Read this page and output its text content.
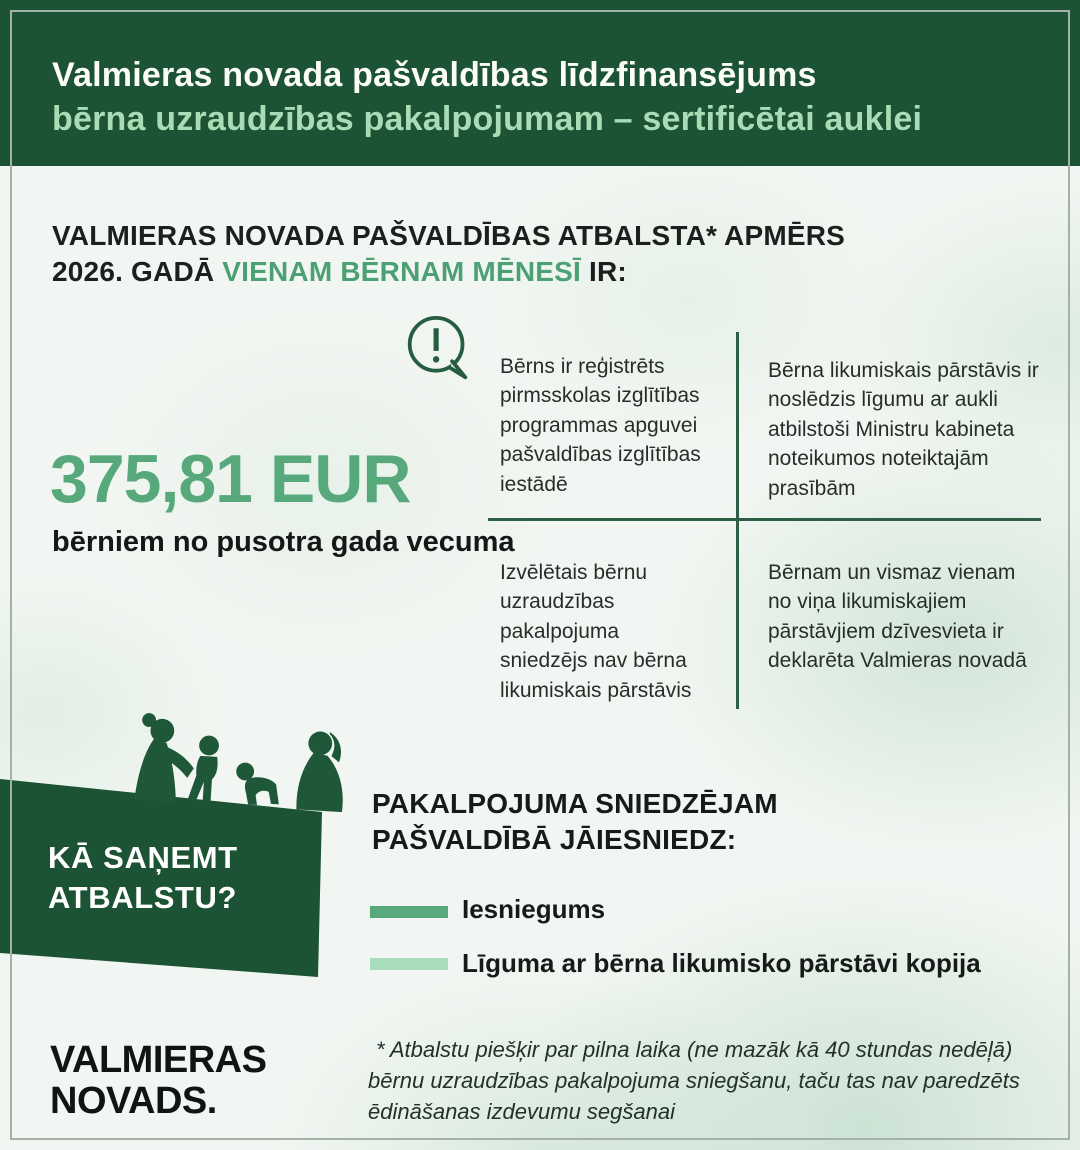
Valmieras novada pašvaldības līdzfinansējums
bērna uzraudzības pakalpojumam – sertificētai auklei
VALMIERAS NOVADA PAŠVALDĪBAS ATBALSTA* APMĒRS
2026. GADĀ VIENAM BĒRNAM MĒNESĪ IR:
375,81 EUR
bērniem no pusotra gada vecuma
Bērns ir reģistrēts pirmsskolas izglītības programmas apguvei pašvaldības izglītības iestādē
Bērna likumiskais pārstāvis ir noslēdzis līgumu ar aukli atbilstoši Ministru kabineta noteikumos noteiktajām prasībām
Izvēlētais bērnu uzraudzības pakalpojuma sniedzējs nav bērna likumiskais pārstāvis
Bērnam un vismaz vienam no viņa likumiskajiem pārstāvjiem dzīvesvieta ir deklarēta Valmieras novadā
KĀ SAŅEMT
ATBALSTU?
PAKALPOJUMA SNIEDZĒJAM
PAŠVALDĪBĀ JĀIESNIEDZ:
Iesniegums
Līguma ar bērna likumisko pārstāvi kopija
VALMIERAS
NOVADS.
* Atbalstu piešķir par pilna laika (ne mazāk kā 40 stundas nedēļā) bērnu uzraudzības pakalpojuma sniegšanu, taču tas nav paredzēts ēdināšanas izdevumu segšanai
